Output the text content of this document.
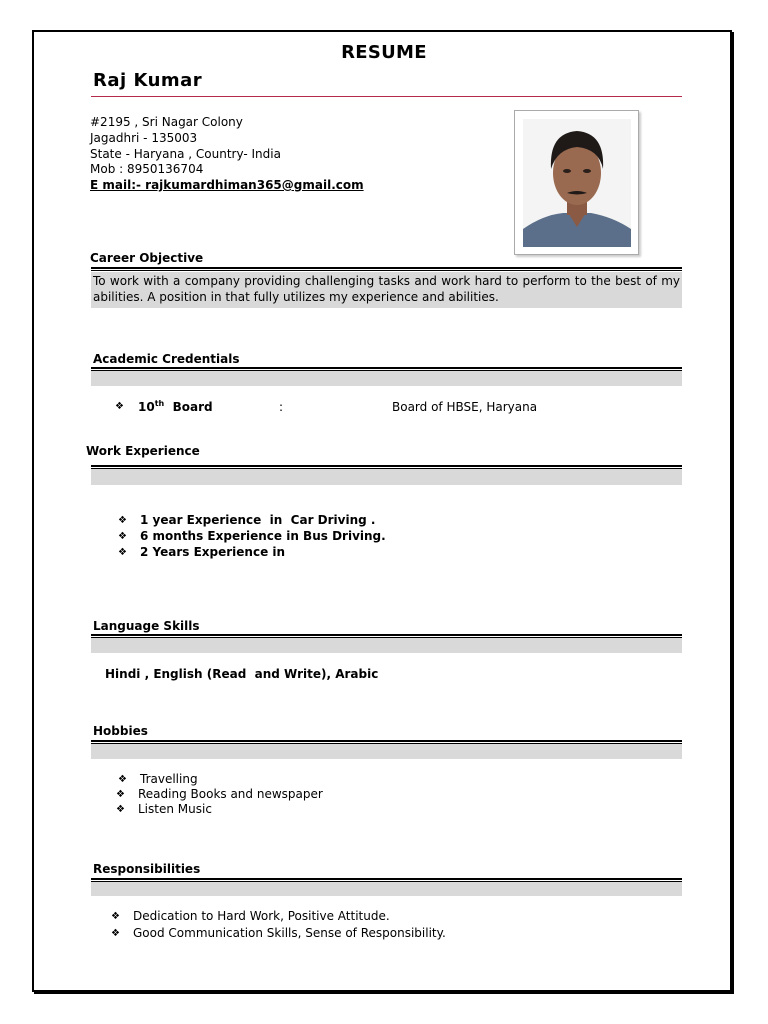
RESUME
Raj Kumar
#2195 , Sri Nagar Colony
Jagadhri - 135003
State - Haryana , Country- India
Mob : 8950136704
E mail:- rajkumardhiman365@gmail.com
Career Objective
To work with a company providing challenging tasks and work hard to perform to the best of my abilities. A position in that fully utilizes my experience and abilities.
Academic Credentials
❖ 10th Board	:	Board of HBSE, Haryana
Work Experience
❖ 1 year Experience  in  Car Driving .
❖ 6 months Experience in Bus Driving.
❖ 2 Years Experience in
Language Skills
Hindi , English (Read  and Write), Arabic
Hobbies
❖ Travelling
❖ Reading Books and newspaper
❖ Listen Music
Responsibilities
❖ Dedication to Hard Work, Positive Attitude.
❖ Good Communication Skills, Sense of Responsibility.
